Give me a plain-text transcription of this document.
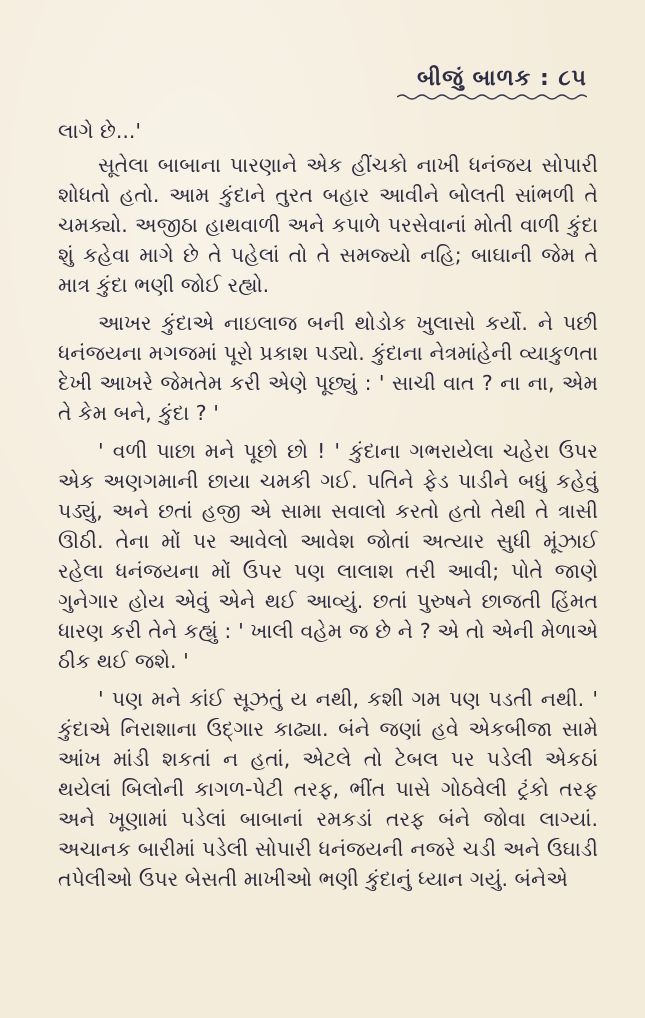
બીજું બાળક : ૮૫

લાગે છે...'

સૂતેલા બાબાના પારણાને એક હીંચકો નાખી ધનંજય સોપારી શોધતો હતો. આમ કુંદાને તુરત બહાર આવીને બોલતી સાંભળી તે ચમક્યો. અજીઠા હાથવાળી અને કપાળે પરસેવાનાં મોતી વાળી કુંદા શું કહેવા માગે છે તે પહેલાં તો તે સમજ્યો નહિ; બાઘાની જેમ તે માત્ર કુંદા ભણી જોઈ રહ્યો.

આખર કુંદાએ નાઇલાજ બની થોડોક ખુલાસો કર્યો. ને પછી ધનંજયના મગજમાં પૂરો પ્રકાશ પડ્યો. કુંદાના નેત્રમાંહેની વ્યાકુળતા દેખી આખરે જેમતેમ કરી એણે પૂછ્યું : ' સાચી વાત ? ના ના, એમ તે કેમ બને, કુંદા ? '

' વળી પાછા મને પૂછો છો ! ' કુંદાના ગભરાયેલા ચહેરા ઉપર એક અણગમાની છાયા ચમકી ગઈ. પતિને ફેડ પાડીને બધું કહેવું પડ્યું, અને છતાં હજી એ સામા સવાલો કરતો હતો તેથી તે ત્રાસી ઊઠી. તેના મોં પર આવેલો આવેશ જોતાં અત્યાર સુધી મૂંઝાઈ રહેલા ધનંજયના મોં ઉપર પણ લાલાશ તરી આવી; પોતે જાણે ગુનેગાર હોય એવું એને થઈ આવ્યું. છતાં પુરુષને છાજતી હિંમત ધારણ કરી તેને કહ્યું : ' ખાલી વહેમ જ છે ને ? એ તો એની મેળાએ ઠીક થઈ જશે. '

' પણ મને કાંઈ સૂઝતું ય નથી, કશી ગમ પણ પડતી નથી. ' કુંદાએ નિરાશાના ઉદ્‌ગાર કાઢ્યા. બંને જણાં હવે એકબીજા સામે આંખ માંડી શકતાં ન હતાં, એટલે તો ટેબલ પર પડેલી એકઠાં થયેલાં બિલોની કાગળ-પેટી તરફ, ભીંત પાસે ગોઠવેલી ટ્રંકો તરફ અને ખૂણામાં પડેલાં બાબાનાં રમકડાં તરફ બંને જોવા લાગ્યાં. અચાનક બારીમાં પડેલી સોપારી ધનંજયની નજરે ચડી અને ઉઘાડી તપેલીઓ ઉપર બેસતી માખીઓ ભણી કુંદાનું ધ્યાન ગયું. બંનેએ
